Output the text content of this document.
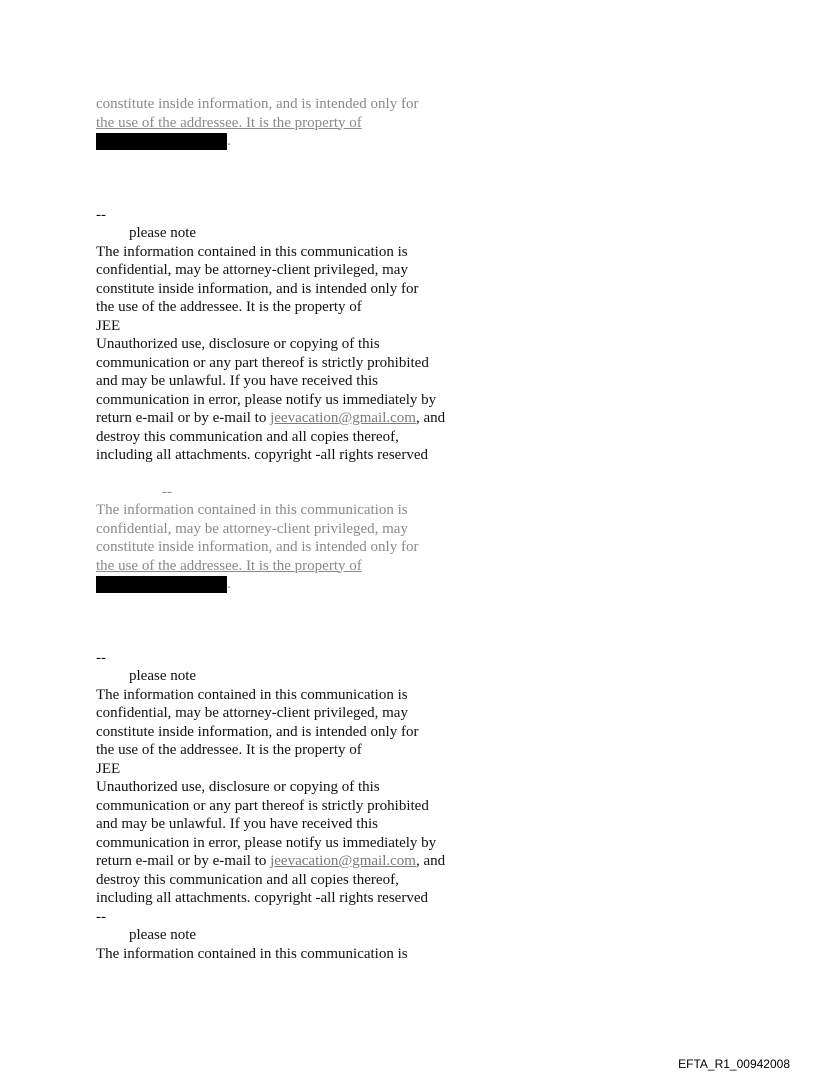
constitute inside information, and is intended only for
the use of the addressee. It is the property of
.
--
please note
The information contained in this communication is
confidential, may be attorney-client privileged, may
constitute inside information, and is intended only for
the use of the addressee. It is the property of
JEE
Unauthorized use, disclosure or copying of this
communication or any part thereof is strictly prohibited
and may be unlawful. If you have received this
communication in error, please notify us immediately by
return e-mail or by e-mail to jeevacation@gmail.com, and
destroy this communication and all copies thereof,
including all attachments. copyright -all rights reserved
--
The information contained in this communication is
confidential, may be attorney-client privileged, may
constitute inside information, and is intended only for
the use of the addressee. It is the property of
.
--
please note
The information contained in this communication is
confidential, may be attorney-client privileged, may
constitute inside information, and is intended only for
the use of the addressee. It is the property of
JEE
Unauthorized use, disclosure or copying of this
communication or any part thereof is strictly prohibited
and may be unlawful. If you have received this
communication in error, please notify us immediately by
return e-mail or by e-mail to jeevacation@gmail.com, and
destroy this communication and all copies thereof,
including all attachments. copyright -all rights reserved
--
please note
The information contained in this communication is
EFTA_R1_00942008
